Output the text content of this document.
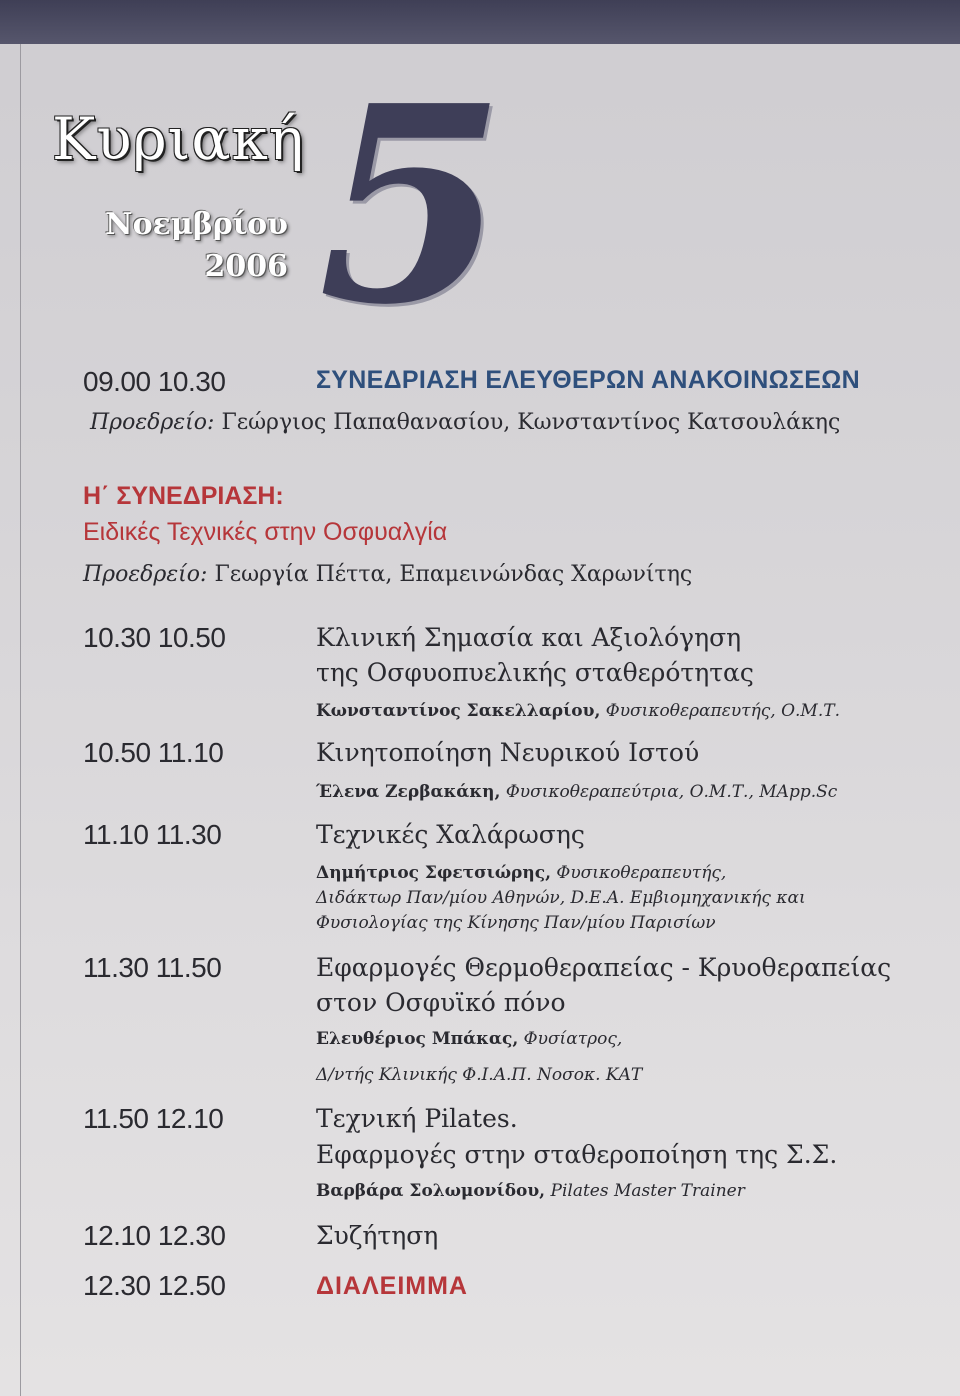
Κυριακή
Νοεμβρίου
2006 5
09.00 10.30	ΣΥΝΕΔΡΙΑΣΗ ΕΛΕΥΘΕΡΩΝ ΑΝΑΚΟΙΝΩΣΕΩΝ
Προεδρείο: Γεώργιος Παπαθανασίου, Κωνσταντίνος Κατσουλάκης
Η΄ ΣΥΝΕΔΡΙΑΣΗ:
Ειδικές Τεχνικές στην Οσφυαλγία
Προεδρείο: Γεωργία Πέττα, Επαμεινώνδας Χαρωνίτης
10.30 10.50	Κλινική Σημασία και Αξιολόγηση
της Οσφυοπυελικής σταθερότητας
Κωνσταντίνος Σακελλαρίου, Φυσικοθεραπευτής, Ο.Μ.Τ.
10.50 11.10	Κινητοποίηση Νευρικού Ιστού
Έλενα Ζερβακάκη, Φυσικοθεραπεύτρια, Ο.Μ.Τ., MApp.Sc
11.10 11.30	Τεχνικές Χαλάρωσης
Δημήτριος Σφετσιώρης, Φυσικοθεραπευτής,
Διδάκτωρ Παν/μίου Αθηνών, D.E.A. Εμβιομηχανικής και
Φυσιολογίας της Κίνησης Παν/μίου Παρισίων
11.30 11.50	Εφαρμογές Θερμοθεραπείας - Κρυοθεραπείας
στον Οσφυϊκό πόνο
Ελευθέριος Μπάκας, Φυσίατρος,
Δ/ντής Κλινικής Φ.Ι.Α.Π. Νοσοκ. ΚΑΤ
11.50 12.10	Τεχνική Pilates.
Εφαρμογές στην σταθεροποίηση της Σ.Σ.
Βαρβάρα Σολωμονίδου, Pilates Master Trainer
12.10 12.30	Συζήτηση
12.30 12.50	ΔΙΑΛΕΙΜΜΑ
